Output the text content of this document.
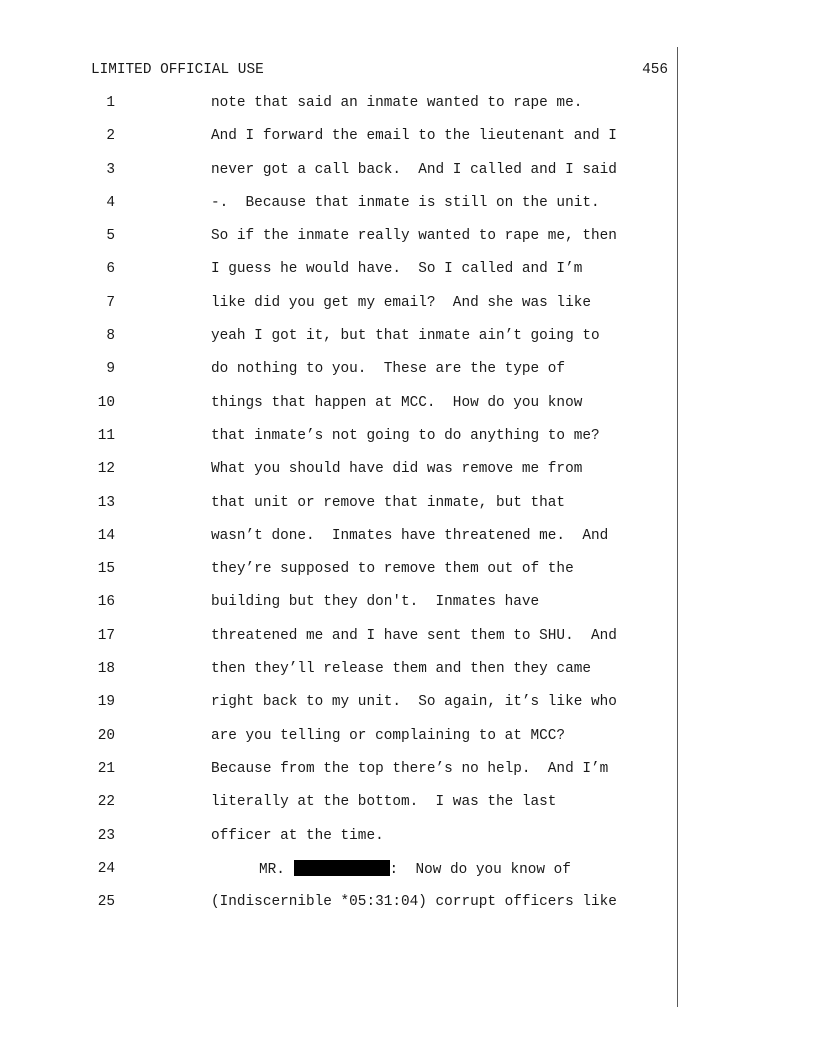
LIMITED OFFICIAL USE	456
1	note that said an inmate wanted to rape me.
2	And I forward the email to the lieutenant and I
3	never got a call back.  And I called and I said
4	-.  Because that inmate is still on the unit.
5	So if the inmate really wanted to rape me, then
6	I guess he would have.  So I called and I’m
7	like did you get my email?  And she was like
8	yeah I got it, but that inmate ain’t going to
9	do nothing to you.  These are the type of
10	things that happen at MCC.  How do you know
11	that inmate’s not going to do anything to me?
12	What you should have did was remove me from
13	that unit or remove that inmate, but that
14	wasn’t done.  Inmates have threatened me.  And
15	they’re supposed to remove them out of the
16	building but they don't.  Inmates have
17	threatened me and I have sent them to SHU.  And
18	then they’ll release them and then they came
19	right back to my unit.  So again, it’s like who
20	are you telling or complaining to at MCC?
21	Because from the top there’s no help.  And I’m
22	literally at the bottom.  I was the last
23	officer at the time.
24	MR.	:  Now do you know of
25	(Indiscernible *05:31:04) corrupt officers like
